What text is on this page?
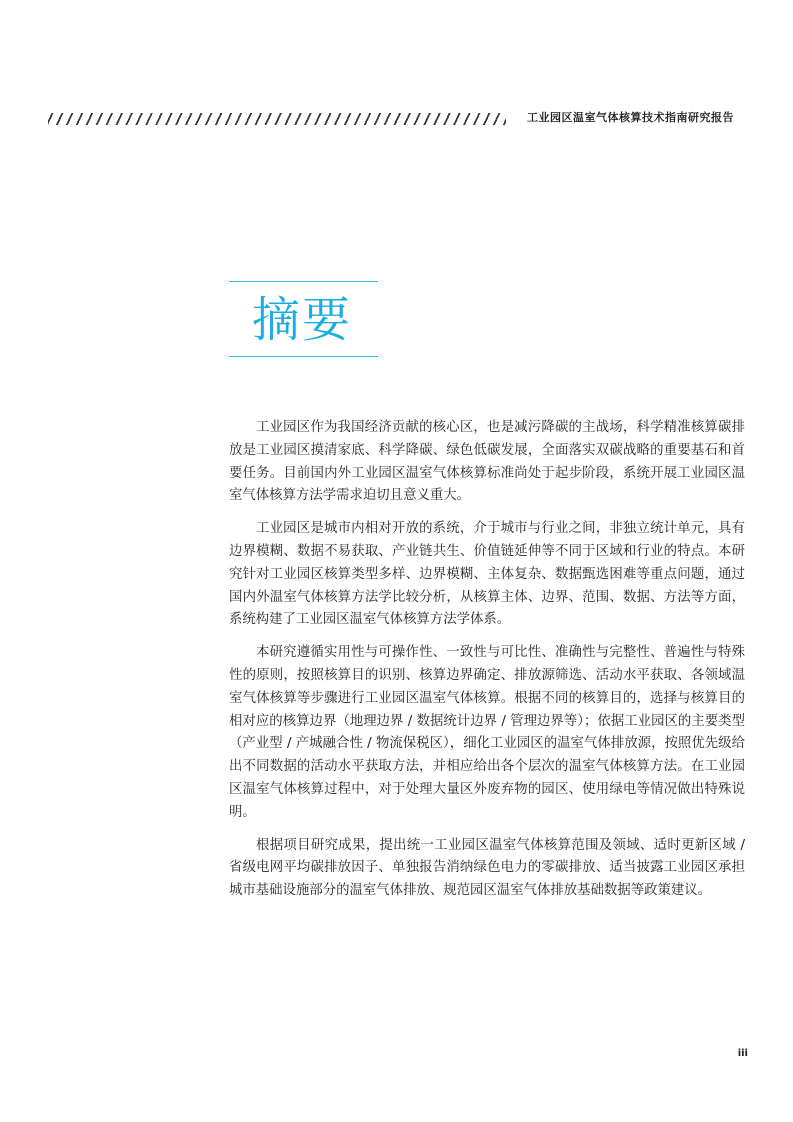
工业园区温室气体核算技术指南研究报告
摘要

工业园区作为我国经济贡献的核心区，也是减污降碳的主战场，科学精准核算碳排放是工业园区摸清家底、科学降碳、绿色低碳发展，全面落实双碳战略的重要基石和首要任务。目前国内外工业园区温室气体核算标准尚处于起步阶段，系统开展工业园区温室气体核算方法学需求迫切且意义重大。

工业园区是城市内相对开放的系统，介于城市与行业之间，非独立统计单元，具有边界模糊、数据不易获取、产业链共生、价值链延伸等不同于区域和行业的特点。本研究针对工业园区核算类型多样、边界模糊、主体复杂、数据甄选困难等重点问题，通过国内外温室气体核算方法学比较分析，从核算主体、边界、范围、数据、方法等方面，系统构建了工业园区温室气体核算方法学体系。

本研究遵循实用性与可操作性、一致性与可比性、准确性与完整性、普遍性与特殊性的原则，按照核算目的识别、核算边界确定、排放源筛选、活动水平获取、各领域温室气体核算等步骤进行工业园区温室气体核算。根据不同的核算目的，选择与核算目的相对应的核算边界（地理边界 / 数据统计边界 / 管理边界等）；依据工业园区的主要类型（产业型 / 产城融合性 / 物流保税区），细化工业园区的温室气体排放源，按照优先级给出不同数据的活动水平获取方法，并相应给出各个层次的温室气体核算方法。在工业园区温室气体核算过程中，对于处理大量区外废弃物的园区、使用绿电等情况做出特殊说明。

根据项目研究成果，提出统一工业园区温室气体核算范围及领域、适时更新区域 / 省级电网平均碳排放因子、单独报告消纳绿色电力的零碳排放、适当披露工业园区承担城市基础设施部分的温室气体排放、规范园区温室气体排放基础数据等政策建议。

iii
